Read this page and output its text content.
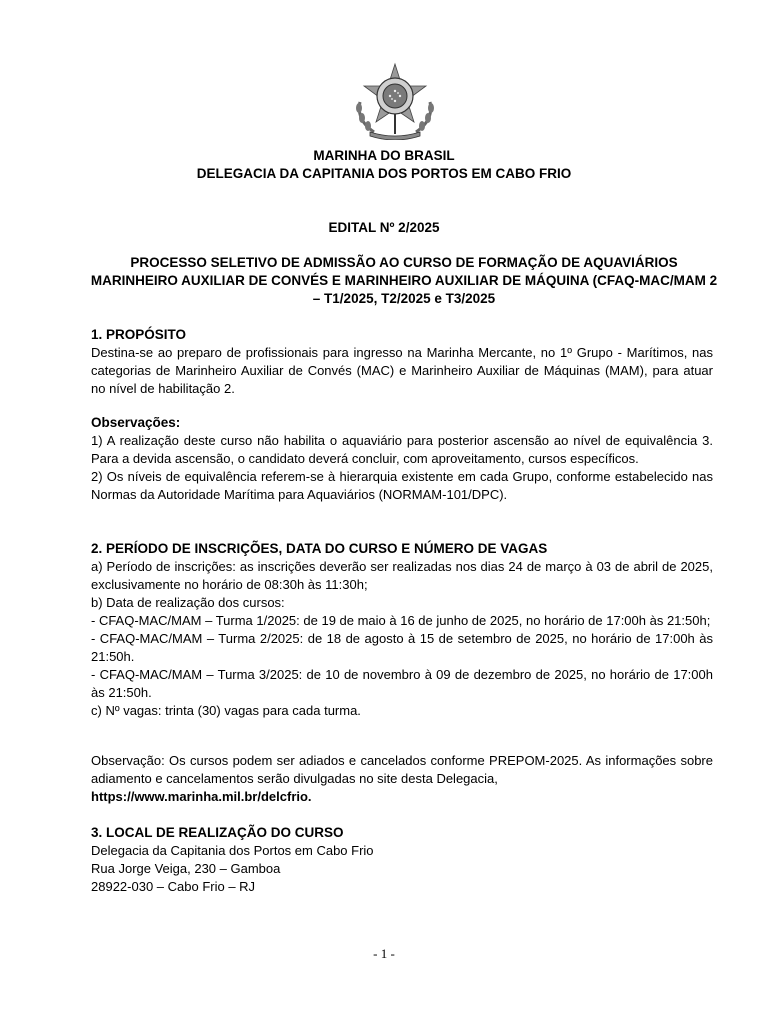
MARINHA DO BRASIL
DELEGACIA DA CAPITANIA DOS PORTOS EM CABO FRIO
EDITAL Nº 2/2025
PROCESSO SELETIVO DE ADMISSÃO AO CURSO DE FORMAÇÃO DE AQUAVIÁRIOS MARINHEIRO AUXILIAR DE CONVÉS E MARINHEIRO AUXILIAR DE MÁQUINA (CFAQ-MAC/MAM 2 – T1/2025, T2/2025 e T3/2025
1. PROPÓSITO
Destina-se ao preparo de profissionais para ingresso na Marinha Mercante, no 1º Grupo - Marítimos, nas categorias de Marinheiro Auxiliar de Convés (MAC) e Marinheiro Auxiliar de Máquinas (MAM), para atuar no nível de habilitação 2.
Observações:
1) A realização deste curso não habilita o aquaviário para posterior ascensão ao nível de equivalência 3. Para a devida ascensão, o candidato deverá concluir, com aproveitamento, cursos específicos.
2) Os níveis de equivalência referem-se à hierarquia existente em cada Grupo, conforme estabelecido nas Normas da Autoridade Marítima para Aquaviários (NORMAM-101/DPC).
2. PERÍODO DE INSCRIÇÕES, DATA DO CURSO E NÚMERO DE VAGAS
a) Período de inscrições: as inscrições deverão ser realizadas nos dias 24 de março à 03 de abril de 2025, exclusivamente no horário de 08:30h às 11:30h;
b) Data de realização dos cursos:
- CFAQ-MAC/MAM – Turma 1/2025: de 19 de maio à 16 de junho de 2025, no horário de 17:00h às 21:50h;
- CFAQ-MAC/MAM – Turma 2/2025: de 18 de agosto à 15 de setembro de 2025, no horário de 17:00h às 21:50h.
- CFAQ-MAC/MAM – Turma 3/2025: de 10 de novembro à 09 de dezembro de 2025, no horário de 17:00h às 21:50h.
c) Nº vagas: trinta (30) vagas para cada turma.
Observação: Os cursos podem ser adiados e cancelados conforme PREPOM-2025. As informações sobre adiamento e cancelamentos serão divulgadas no site desta Delegacia,
https://www.marinha.mil.br/delcfrio.
3. LOCAL DE REALIZAÇÃO DO CURSO
Delegacia da Capitania dos Portos em Cabo Frio
Rua Jorge Veiga, 230 – Gamboa
28922-030 – Cabo Frio – RJ
- 1 -
